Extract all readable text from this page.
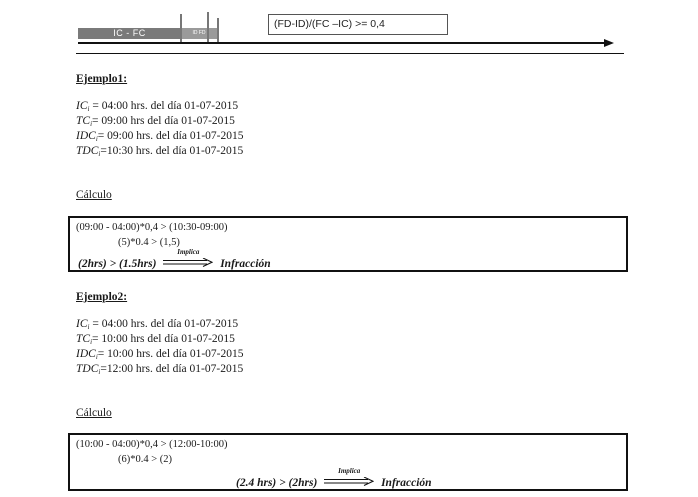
IC - FC	ID FD
(FD-ID)/(FC –IC) >= 0,4
Ejemplo1:
$IC_i$ = 04:00 hrs. del día 01-07-2015
$TC_i=$ 09:00 hrs del día 01-07-2015
$IDC_i=$ 09:00 hrs. del día 01-07-2015
$TDC_i=10:30$ hrs. del día 01-07-2015
Cálculo
(09:00 - 04:00)*0,4 > (10:30-09:00)
(5)*0.4 > (1,5)
(2hrs) > (1.5hrs)
Implica
Infracción
Ejemplo2:
$IC_i$ = 04:00 hrs. del día 01-07-2015
$TC_i=$ 10:00 hrs del día 01-07-2015
$IDC_i=$ 10:00 hrs. del día 01-07-2015
$TDC_i=12:00$ hrs. del día 01-07-2015
Cálculo
(10:00 - 04:00)*0,4 > (12:00-10:00)
(6)*0.4 > (2)
(2.4 hrs) > (2hrs)
Implica
Infracción
